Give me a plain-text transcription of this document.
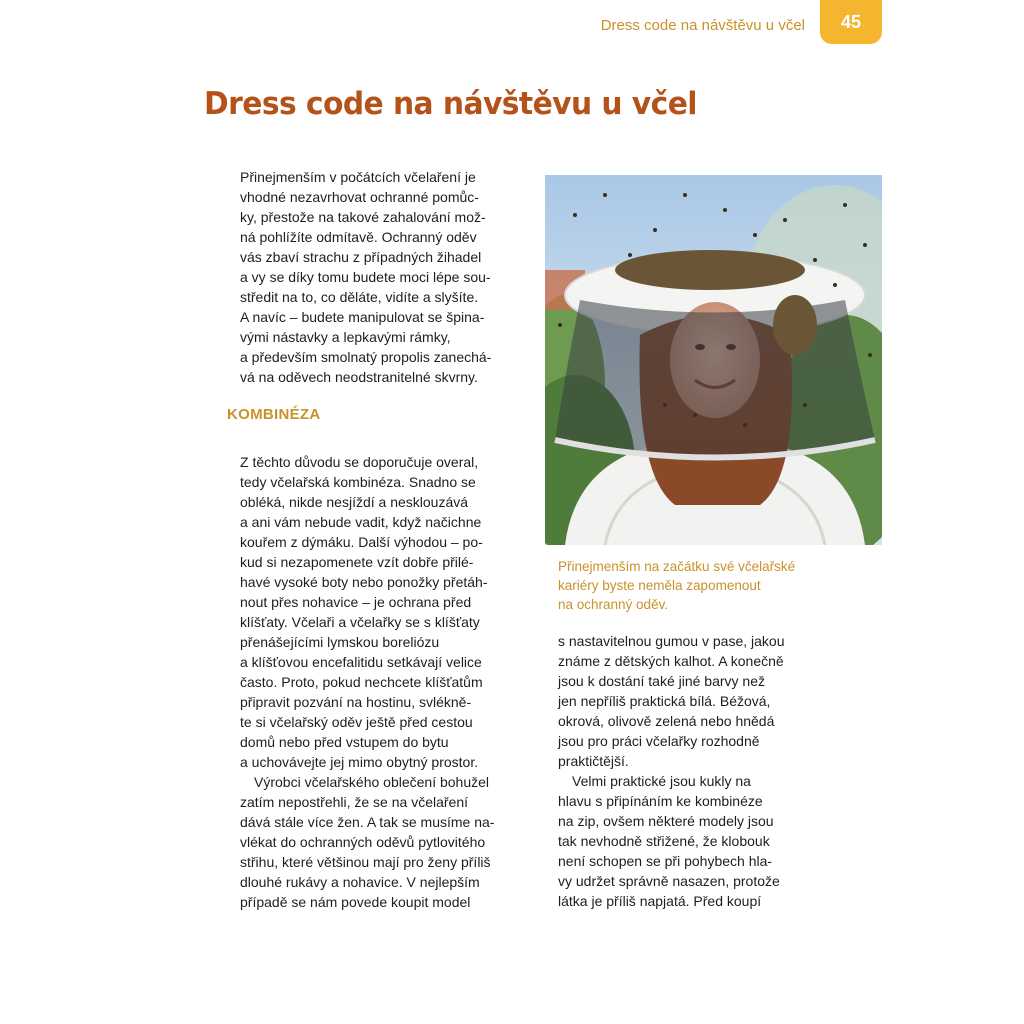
Dress code na návštěvu u včel 45
Dress code na návštěvu u včel
Přinejmenším v počátcích včelaření je
vhodné nezavrhovat ochranné pomůc-
ky, přestože na takové zahalování mož-
ná pohlížíte odmítavě. Ochranný oděv
vás zbaví strachu z případných žihadel
a vy se díky tomu budete moci lépe sou-
středit na to, co děláte, vidíte a slyšíte.
A navíc – budete manipulovat se špina-
vými nástavky a lepkavými rámky,
a především smolnatý propolis zanechá-
vá na oděvech neodstranitelné skvrny.
KOMBINÉZA
Z těchto důvodu se doporučuje overal,
tedy včelařská kombinéza. Snadno se
obléká, nikde nesjíždí a nesklouzává
a ani vám nebude vadit, když načichne
kouřem z dýmáku. Další výhodou – po-
kud si nezapomenete vzít dobře přilé-
havé vysoké boty nebo ponožky přetáh-
nout přes nohavice – je ochrana před
klíšťaty. Včelaři a včelařky se s klíšťaty
přenášejícími lymskou boreliózu
a klíšťovou encefalitidu setkávají velice
často. Proto, pokud nechcete klíšťatům
připravit pozvání na hostinu, svlékně-
te si včelařský oděv ještě před cestou
domů nebo před vstupem do bytu
a uchovávejte jej mimo obytný prostor.
Výrobci včelařského oblečení bohužel
zatím nepostřehli, že se na včelaření
dává stále více žen. A tak se musíme na-
vlékat do ochranných oděvů pytlovitého
střihu, které většinou mají pro ženy příliš
dlouhé rukávy a nohavice. V nejlepším
případě se nám povede koupit model
Přinejmenším na začátku své včelařské
kariéry byste neměla zapomenout
na ochranný oděv.
s nastavitelnou gumou v pase, jakou
známe z dětských kalhot. A konečně
jsou k dostání také jiné barvy než
jen nepříliš praktická bílá. Béžová,
okrová, olivově zelená nebo hnědá
jsou pro práci včelařky rozhodně
praktičtější.
Velmi praktické jsou kukly na
hlavu s připínáním ke kombinéze
na zip, ovšem některé modely jsou
tak nevhodně střižené, že klobouk
není schopen se při pohybech hla-
vy udržet správně nasazen, protože
látka je příliš napjatá. Před koupí
